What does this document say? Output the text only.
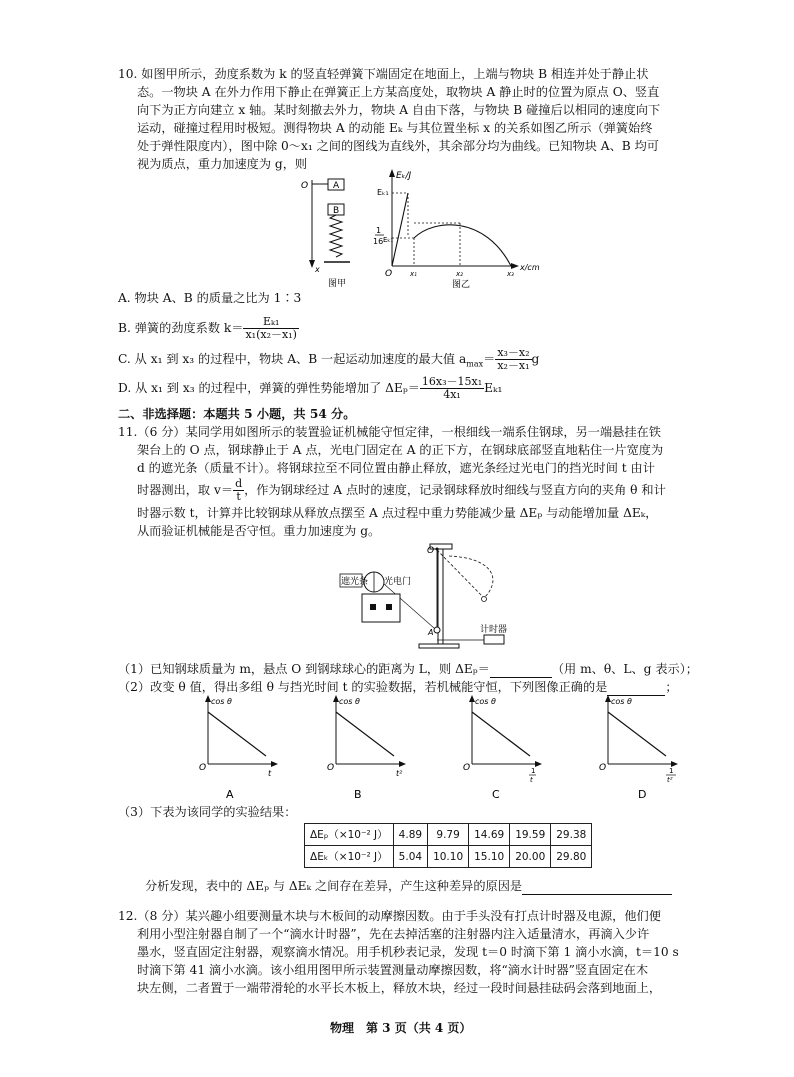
10. 如图甲所示，劲度系数为 k 的竖直轻弹簧下端固定在地面上，上端与物块 B 相连并处于静止状
态。一物块 A 在外力作用下静止在弹簧正上方某高度处，取物块 A 静止时的位置为原点 O、竖直
向下为正方向建立 x 轴。某时刻撤去外力，物块 A 自由下落，与物块 B 碰撞后以相同的速度向下
运动，碰撞过程用时极短。测得物块 A 的动能 Eₖ 与其位置坐标 x 的关系如图乙所示（弹簧始终
处于弹性限度内），图中除 0～x₁ 之间的图线为直线外，其余部分均为曲线。已知物块 A、B 均可
视为质点，重力加速度为 g，则
A
B
O
x
图甲
Eₖ/J
Eₖ₁
1
16 Eₖ₁
O	x₁	x₂	x₃
x/cm
图乙
A. 物块 A、B 的质量之比为 1∶3
B. 弹簧的劲度系数 $k= \frac{\text{Eₖ₁}}{\text{x₁(x₂－x₁)}}$
C. 从 x₁ 到 x₃ 的过程中，物块 A、B 一起运动加速度的最大值 $a_{max}= \frac{\text{x₃－x₂}}{\text{x₂－x₁}}$ g
D. 从 x₁ 到 x₃ 的过程中，弹簧的弹性势能增加了 $\Delta E_p= \frac{\text{16x₃－15x₁}}{\text{4x₁}} E_{k1}$
二、非选择题：本题共 5 小题，共 54 分。
11.（6 分）某同学用如图所示的装置验证机械能守恒定律，一根细线一端系住钢球，另一端悬挂在铁
架台上的 O 点，钢球静止于 A 点，光电门固定在 A 的正下方，在钢球底部竖直地粘住一片宽度为
d 的遮光条（质量不计）。将钢球拉至不同位置由静止释放，遮光条经过光电门的挡光时间 t 由计
时器测出，取 $v= \frac{d}{t}$ ，作为钢球经过 A 点时的速度，记录钢球释放时细线与竖直方向的夹角 θ 和计
时器示数 t，计算并比较钢球从释放点摆至 A 点过程中重力势能减少量 ΔEₚ 与动能增加量 ΔEₖ，
从而验证机械能是否守恒。重力加速度为 g。
O
A
遮光条 光电门
计时器
（1）已知钢球质量为 m，悬点 O 到钢球球心的距离为 L，则 ΔEₚ＝	（用 m、θ、L、g 表示）；
（2）改变 θ 值，得出多组 θ 与挡光时间 t 的实验数据，若机械能守恒，下列图像正确的是	；
cos θ
O
t
A
cos θ
O
t²
B
cos θ
O	1
t
C
cos θ
O	1
t²
D
（3）下表为该同学的实验结果：
ΔEₚ（×10⁻² J）	4.89	9.79	14.69	19.59	29.38
ΔEₖ（×10⁻² J）	5.04	10.10	15.10	20.00	29.80
分析发现，表中的 ΔEₚ 与 ΔEₖ 之间存在差异，产生这种差异的原因是
12.（8 分）某兴趣小组要测量木块与木板间的动摩擦因数。由于手头没有打点计时器及电源，他们便
利用小型注射器自制了一个“滴水计时器”，先在去掉活塞的注射器内注入适量清水，再滴入少许
墨水，竖直固定注射器，观察滴水情况。用手机秒表记录，发现 t＝0 时滴下第 1 滴小水滴，t＝10 s
时滴下第 41 滴小水滴。该小组用图甲所示装置测量动摩擦因数，将“滴水计时器”竖直固定在木
块左侧，二者置于一端带滑轮的水平长木板上，释放木块，经过一段时间悬挂砝码会落到地面上，
物理　第 3 页（共 4 页）
